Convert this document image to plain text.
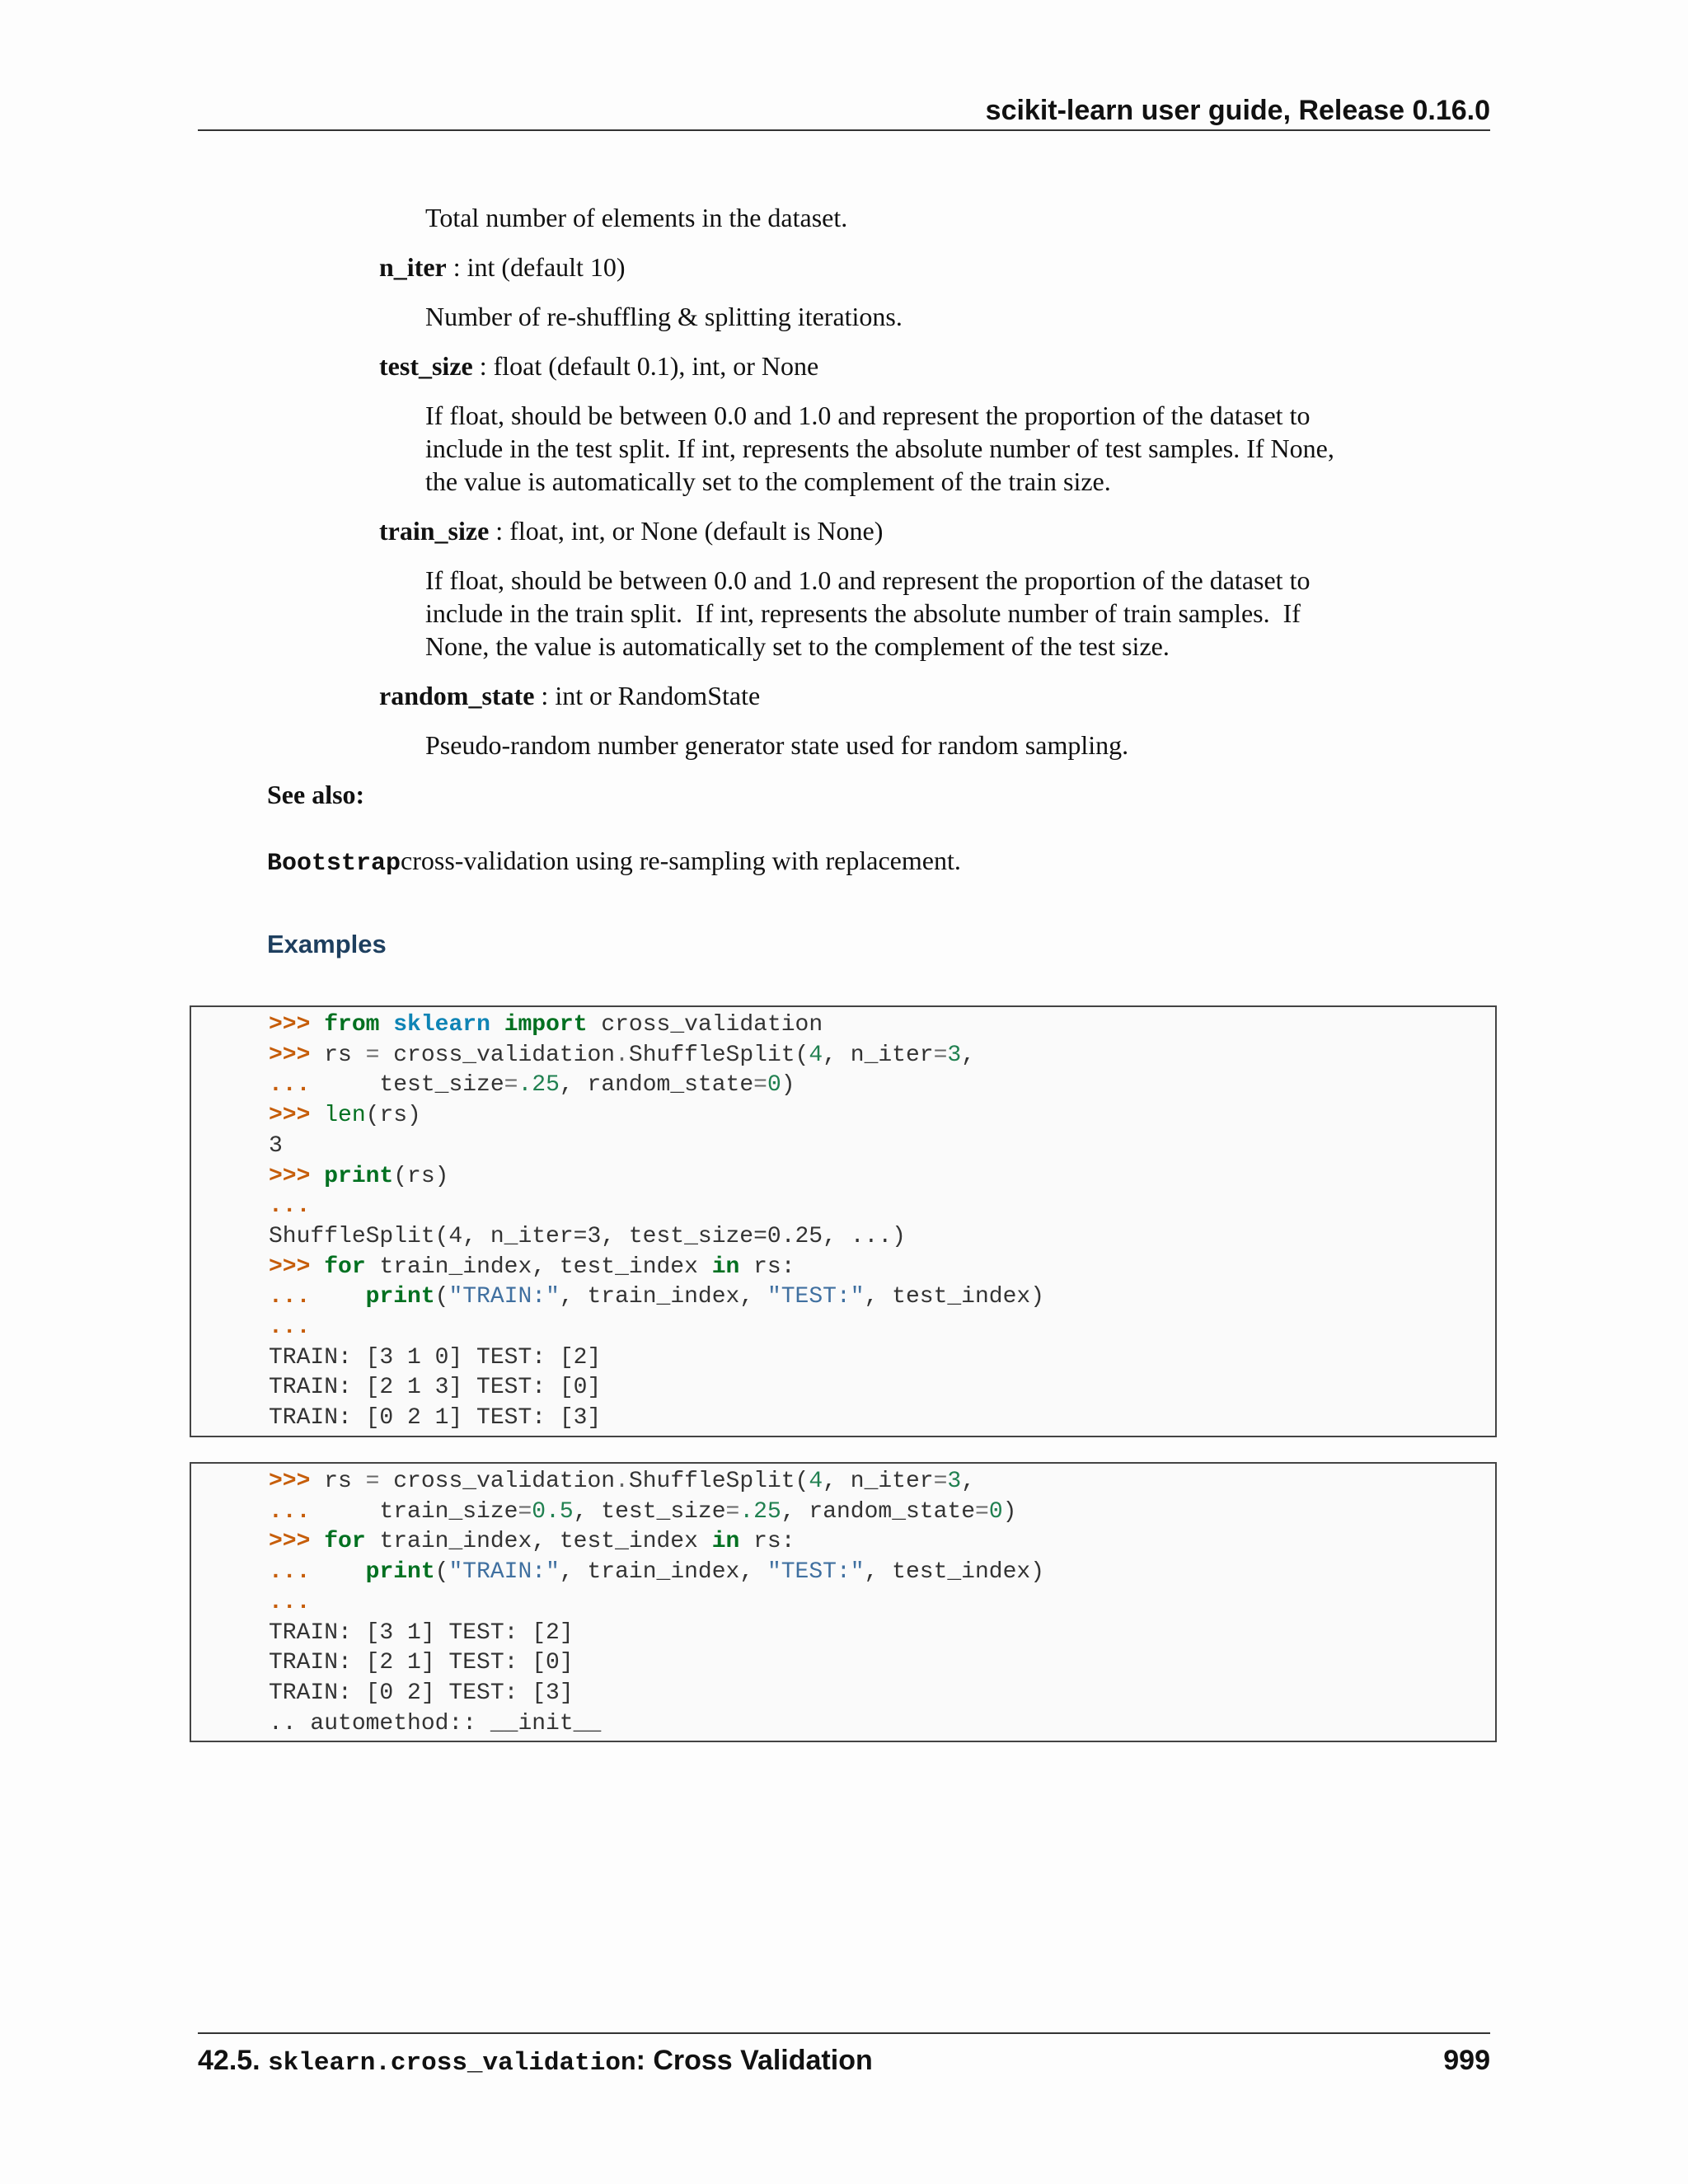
scikit-learn user guide, Release 0.16.0
Total number of elements in the dataset.
n_iter : int (default 10)
Number of re-shuffling & splitting iterations.
test_size : float (default 0.1), int, or None
If float, should be between 0.0 and 1.0 and represent the proportion of the dataset to
include in the test split. If int, represents the absolute number of test samples. If None,
the value is automatically set to the complement of the train size.
train_size : float, int, or None (default is None)
If float, should be between 0.0 and 1.0 and represent the proportion of the dataset to
include in the train split.  If int, represents the absolute number of train samples.  If
None, the value is automatically set to the complement of the test size.
random_state : int or RandomState
Pseudo-random number generator state used for random sampling.
See also:
Bootstrapcross-validation using re-sampling with replacement.
Examples
>>> from sklearn import cross_validation
>>> rs = cross_validation.ShuffleSplit(4, n_iter=3,
...     test_size=.25, random_state=0)
>>> len(rs)
3
>>> print(rs)
...
ShuffleSplit(4, n_iter=3, test_size=0.25, ...)
>>> for train_index, test_index in rs:
... print("TRAIN:", train_index, "TEST:", test_index)
...
TRAIN: [3 1 0] TEST: [2]
TRAIN: [2 1 3] TEST: [0]
TRAIN: [0 2 1] TEST: [3]
>>> rs = cross_validation.ShuffleSplit(4, n_iter=3,
...     train_size=0.5, test_size=.25, random_state=0)
>>> for train_index, test_index in rs:
... print("TRAIN:", train_index, "TEST:", test_index)
...
TRAIN: [3 1] TEST: [2]
TRAIN: [2 1] TEST: [0]
TRAIN: [0 2] TEST: [3]
.. automethod:: __init__
42.5. sklearn.cross_validation: Cross Validation	999
